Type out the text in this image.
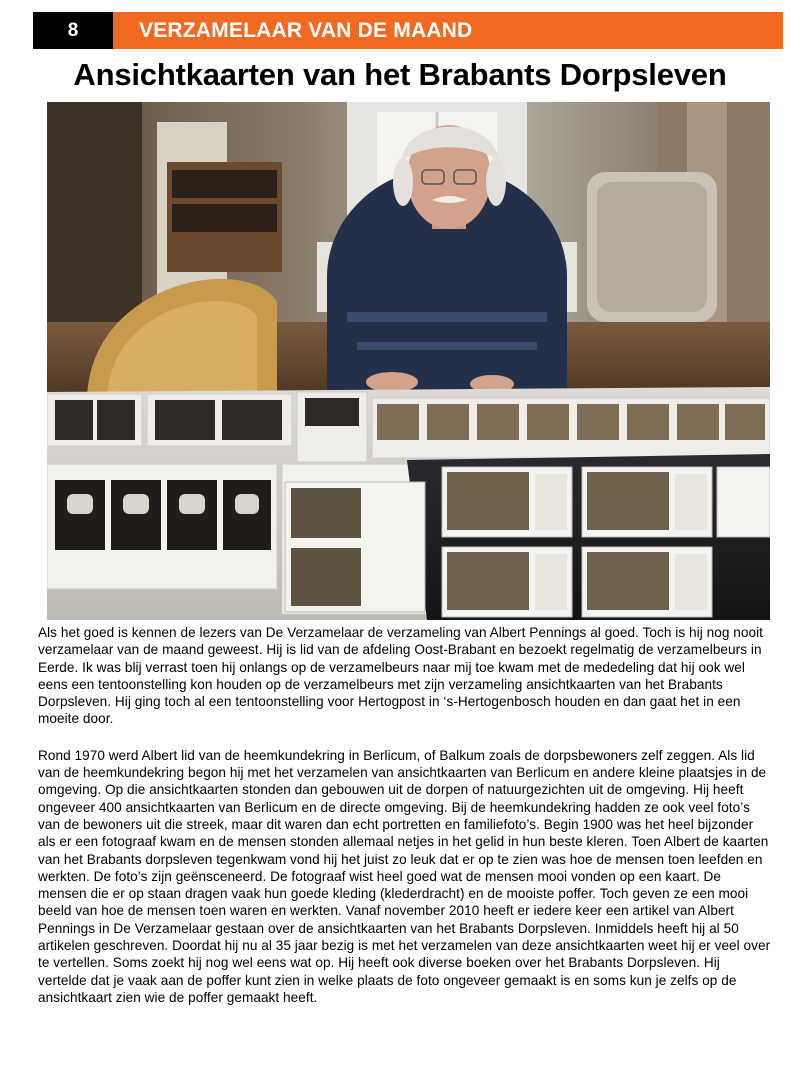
8	VERZAMELAAR VAN DE MAAND
Ansichtkaarten van het Brabants Dorpsleven

Als het goed is kennen de lezers van De Verzamelaar de verzameling van Albert Pennings al goed. Toch is hij nog nooit verzamelaar van de maand geweest. Hij is lid van de afdeling Oost-Brabant en bezoekt regelmatig de verzamelbeurs in Eerde. Ik was blij verrast toen hij onlangs op de verzamelbeurs naar mij toe kwam met de mededeling dat hij ook wel eens een tentoonstelling kon houden op de verzamelbeurs met zijn verzameling ansichtkaarten van het Brabants Dorpsleven. Hij ging toch al een tentoonstelling voor Hertogpost in ‘s-Hertogenbosch houden en dan gaat het in een moeite door.

Rond 1970 werd Albert lid van de heemkundekring in Berlicum, of Balkum zoals de dorpsbewoners zelf zeggen. Als lid van de heemkundekring begon hij met het verzamelen van ansichtkaarten van Berlicum en andere kleine plaatsjes in de omgeving. Op die ansichtkaarten stonden dan gebouwen uit de dorpen of natuurgezichten uit de omgeving. Hij heeft ongeveer 400 ansichtkaarten van Berlicum en de directe omgeving. Bij de heemkundekring hadden ze ook veel foto’s van de bewoners uit die streek, maar dit waren dan echt portretten en familiefoto’s. Begin 1900 was het heel bijzonder als er een fotograaf kwam en de mensen stonden allemaal netjes in het gelid in hun beste kleren. Toen Albert de kaarten van het Brabants dorpsleven tegenkwam vond hij het juist zo leuk dat er op te zien was hoe de mensen toen leefden en werkten. De foto’s zijn geënsceneerd. De fotograaf wist heel goed wat de mensen mooi vonden op een kaart. De mensen die er op staan dragen vaak hun goede kleding (klederdracht) en de mooiste poffer. Toch geven ze een mooi beeld van hoe de mensen toen waren en werkten. Vanaf november 2010 heeft er iedere keer een artikel van Albert Pennings in De Verzamelaar gestaan over de ansichtkaarten van het Brabants Dorpsleven. Inmiddels heeft hij al 50 artikelen geschreven. Doordat hij nu al 35 jaar bezig is met het verzamelen van deze ansichtkaarten weet hij er veel over te vertellen. Soms zoekt hij nog wel eens wat op. Hij heeft ook diverse boeken over het Brabants Dorpsleven. Hij vertelde dat je vaak aan de poffer kunt zien in welke plaats de foto ongeveer gemaakt is en soms kun je zelfs op de ansichtkaart zien wie de poffer gemaakt heeft.
